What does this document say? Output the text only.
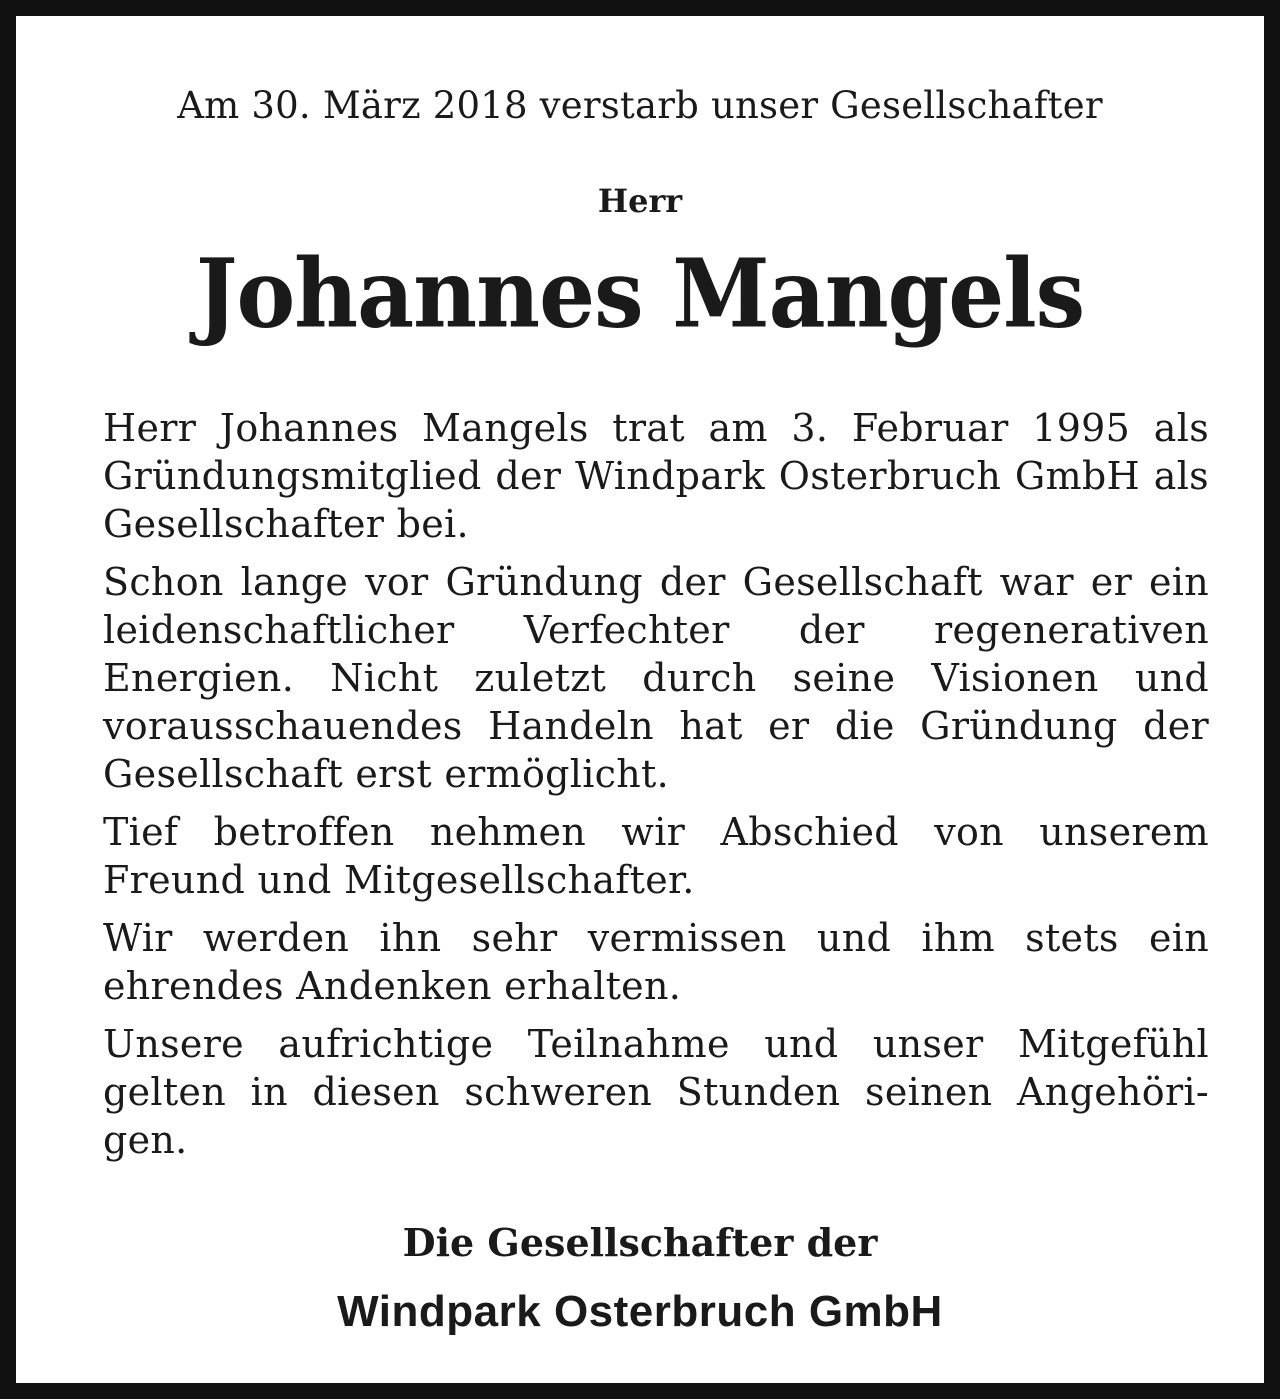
Am 30. März 2018 verstarb unser Gesellschafter
Herr
Johannes Mangels

Herr Johannes Mangels trat am 3. Februar 1995 als Gründungsmitglied der Windpark Osterbruch GmbH als Gesellschafter bei.

Schon lange vor Gründung der Gesellschaft war er ein leidenschaftlicher Verfechter der regenerativen Energien. Nicht zuletzt durch seine Visionen und vorausschauendes Handeln hat er die Gründung der Gesellschaft erst ermöglicht.

Tief betroffen nehmen wir Abschied von unserem Freund und Mitgesellschafter.

Wir werden ihn sehr vermissen und ihm stets ein ehrendes Andenken erhalten.

Unsere aufrichtige Teilnahme und unser Mitgefühl gelten in diesen schweren Stunden seinen Angehöri-gen.

Die Gesellschafter der
Windpark Osterbruch GmbH
